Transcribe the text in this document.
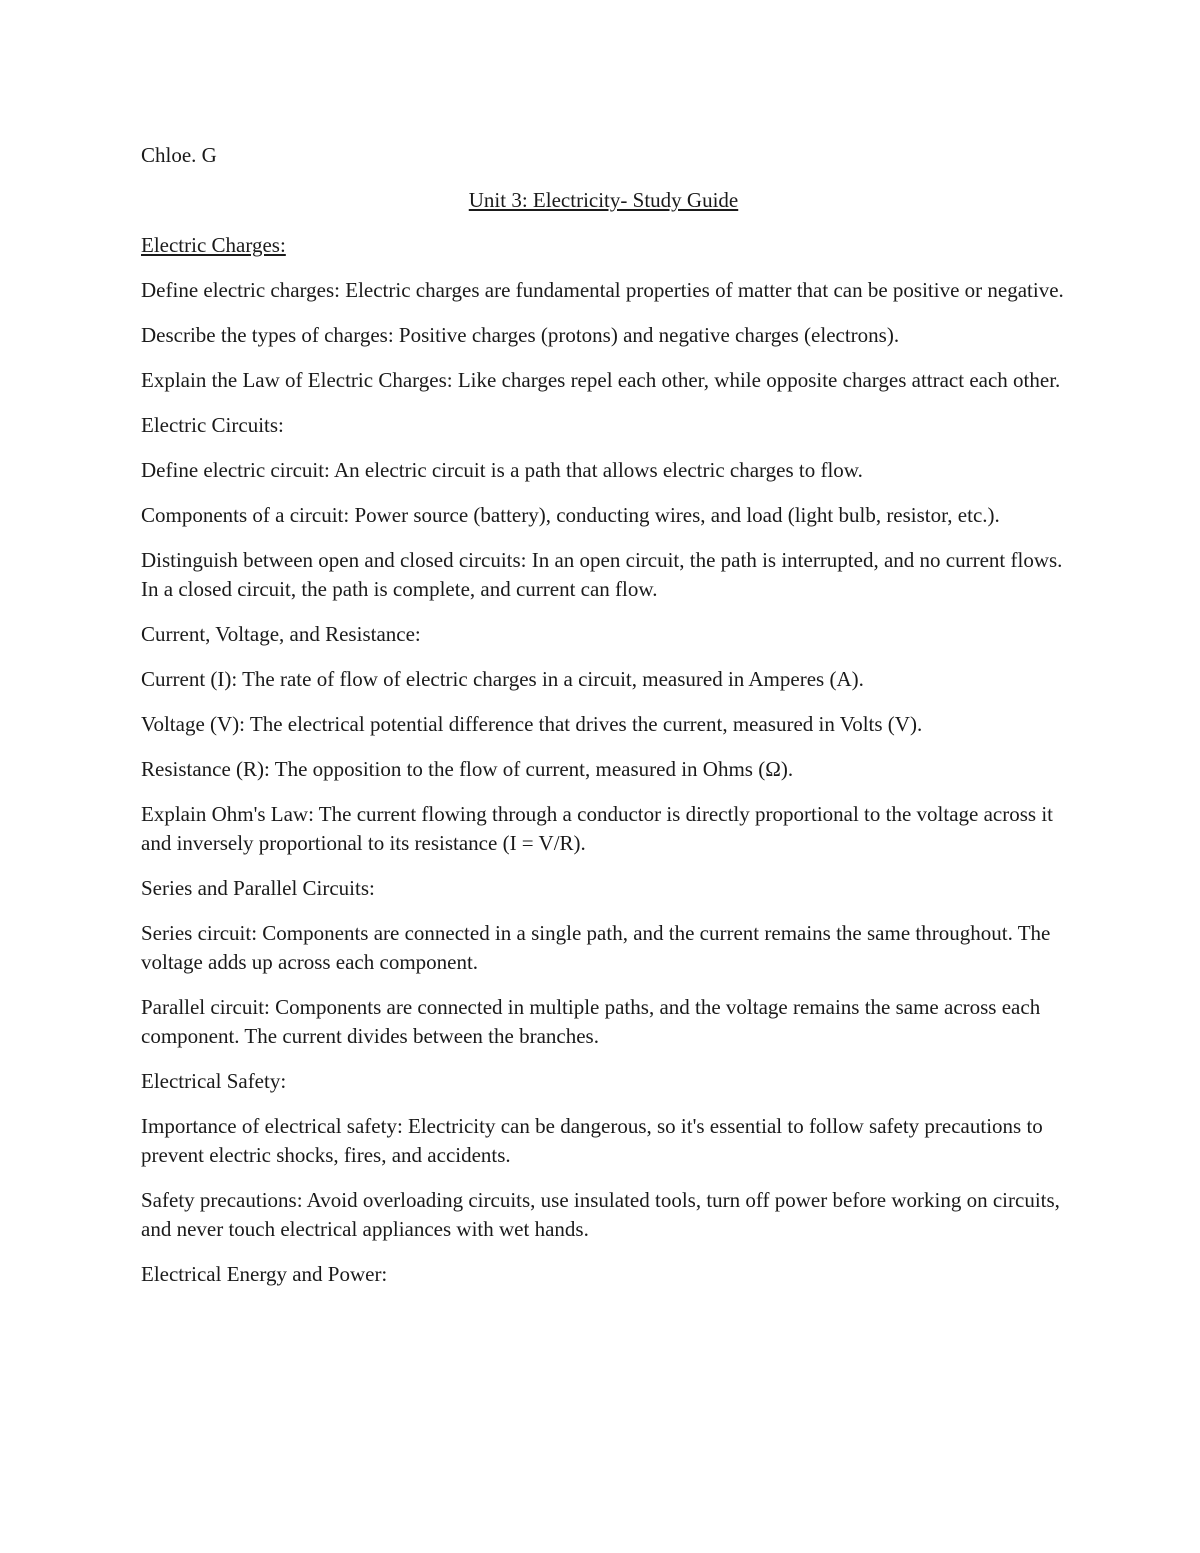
Chloe. G

Unit 3: Electricity- Study Guide

Electric Charges:

Define electric charges: Electric charges are fundamental properties of matter that can be positive or negative.

Describe the types of charges: Positive charges (protons) and negative charges (electrons).

Explain the Law of Electric Charges: Like charges repel each other, while opposite charges attract each other.

Electric Circuits:

Define electric circuit: An electric circuit is a path that allows electric charges to flow.

Components of a circuit: Power source (battery), conducting wires, and load (light bulb, resistor, etc.).

Distinguish between open and closed circuits: In an open circuit, the path is interrupted, and no current flows. In a closed circuit, the path is complete, and current can flow.

Current, Voltage, and Resistance:

Current (I): The rate of flow of electric charges in a circuit, measured in Amperes (A).

Voltage (V): The electrical potential difference that drives the current, measured in Volts (V).

Resistance (R): The opposition to the flow of current, measured in Ohms (Ω).

Explain Ohm's Law: The current flowing through a conductor is directly proportional to the voltage across it and inversely proportional to its resistance (I = V/R).

Series and Parallel Circuits:

Series circuit: Components are connected in a single path, and the current remains the same throughout. The voltage adds up across each component.

Parallel circuit: Components are connected in multiple paths, and the voltage remains the same across each component. The current divides between the branches.

Electrical Safety:

Importance of electrical safety: Electricity can be dangerous, so it's essential to follow safety precautions to prevent electric shocks, fires, and accidents.

Safety precautions: Avoid overloading circuits, use insulated tools, turn off power before working on circuits, and never touch electrical appliances with wet hands.

Electrical Energy and Power:
